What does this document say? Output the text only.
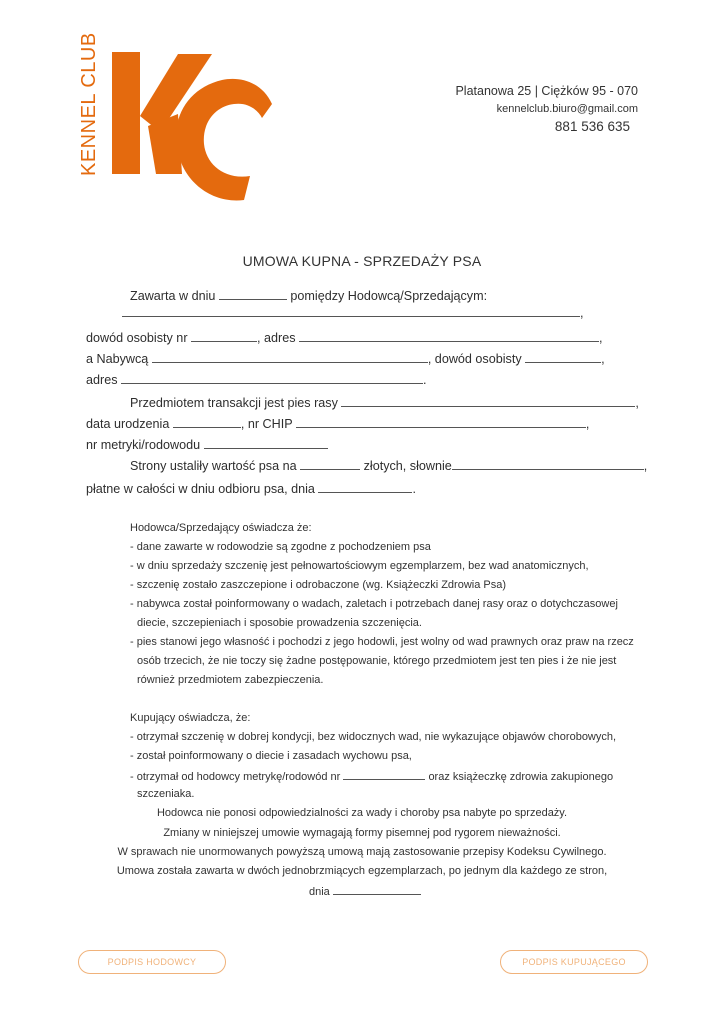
KENNEL CLUB	Platanowa 25 | Ciężków 95 - 070
kennelclub.biuro@gmail.com
881 536 635
UMOWA KUPNA - SPRZEDAŻY PSA
Zawarta w dniu	pomiędzy Hodowcą/Sprzedającym:
,
dowód osobisty nr	, adres	,
a Nabywcą	, dowód osobisty	,
adres	.
Przedmiotem transakcji jest pies rasy	,
data urodzenia	, nr CHIP	,
nr metryki/rodowodu
Strony ustaliły wartość psa na	złotych, słownie	,
płatne w całości w dniu odbioru psa, dnia	.
Hodowca/Sprzedający oświadcza że:
- dane zawarte w rodowodzie są zgodne z pochodzeniem psa
- w dniu sprzedaży szczenię jest pełnowartościowym egzemplarzem, bez wad anatomicznych,
- szczenię zostało zaszczepione i odrobaczone (wg. Książeczki Zdrowia Psa)
- nabywca został poinformowany o wadach, zaletach i potrzebach danej rasy oraz o dotychczasowej
diecie, szczepieniach i sposobie prowadzenia szczenięcia.
- pies stanowi jego własność i pochodzi z jego hodowli, jest wolny od wad prawnych oraz praw na rzecz
osób trzecich, że nie toczy się żadne postępowanie, którego przedmiotem jest ten pies i że nie jest
również przedmiotem zabezpieczenia.
Kupujący oświadcza, że:
- otrzymał szczenię w dobrej kondycji, bez widocznych wad, nie wykazujące objawów chorobowych,
- został poinformowany o diecie i zasadach wychowu psa,
- otrzymał od hodowcy metrykę/rodowód nr	oraz książeczkę zdrowia zakupionego
szczeniaka.
Hodowca nie ponosi odpowiedzialności za wady i choroby psa nabyte po sprzedaży.
Zmiany w niniejszej umowie wymagają formy pisemnej pod rygorem nieważności.
W sprawach nie unormowanych powyższą umową mają zastosowanie przepisy Kodeksu Cywilnego.
Umowa została zawarta w dwóch jednobrzmiących egzemplarzach, po jednym dla każdego ze stron,
dnia
PODPIS HODOWCY	PODPIS KUPUJĄCEGO
